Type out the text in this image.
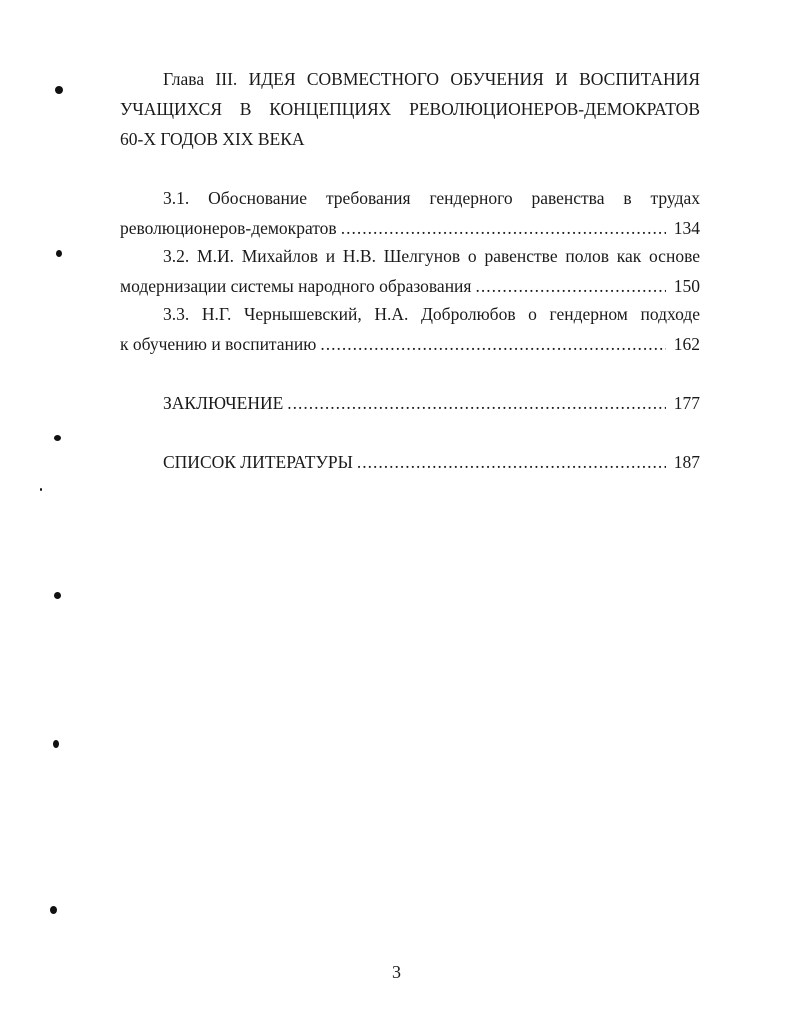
Глава III. ИДЕЯ СОВМЕСТНОГО ОБУЧЕНИЯ И ВОСПИТАНИЯ
УЧАЩИХСЯ В КОНЦЕПЦИЯХ РЕВОЛЮЦИОНЕРОВ-ДЕМОКРАТОВ
60-Х ГОДОВ XIX ВЕКА
3.1. Обоснование требования гендерного равенства в трудах
революционеров-демократов .....	134
3.2. М.И. Михайлов и Н.В. Шелгунов о равенстве полов как основе
модернизации системы народного образования .....	150
3.3. Н.Г. Чернышевский, Н.А. Добролюбов о гендерном подходе
к обучению и воспитанию .....	162
ЗАКЛЮЧЕНИЕ .....	177
СПИСОК ЛИТЕРАТУРЫ .....	187
3
